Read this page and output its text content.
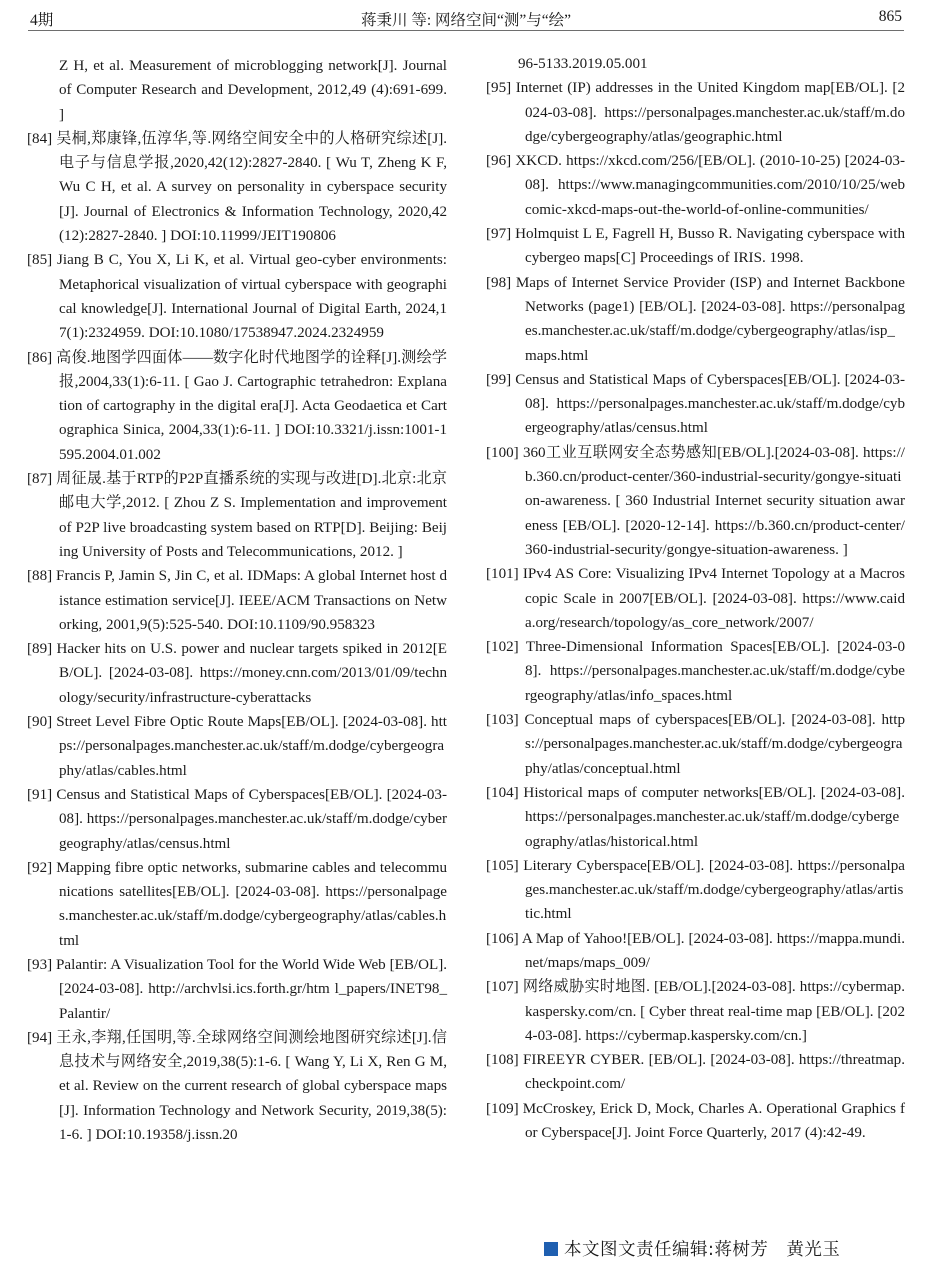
4期	蒋秉川 等: 网络空间“测”与“绘”	865

Z H, et al. Measurement of microblogging network[J]. Journal of Computer Research and Development, 2012,49 (4):691-699. ]

[84] 吴桐,郑康锋,伍淳华,等.网络空间安全中的人格研究综述[J].电子与信息学报,2020,42(12):2827-2840. [ Wu T, Zheng K F, Wu C H, et al. A survey on personality in cyberspace security[J]. Journal of Electronics & Information Technology, 2020,42(12):2827-2840. ] DOI:10.11999/JEIT190806

[85] Jiang B C, You X, Li K, et al. Virtual geo-cyber environments: Metaphorical visualization of virtual cyberspace with geographical knowledge[J]. International Journal of Digital Earth, 2024,17(1):2324959. DOI:10.1080/17538947.2024.2324959

[86] 高俊.地图学四面体——数字化时代地图学的诠释[J].测绘学报,2004,33(1):6-11. [ Gao J. Cartographic tetrahedron: Explanation of cartography in the digital era[J]. Acta Geodaetica et Cartographica Sinica, 2004,33(1):6-11. ] DOI:10.3321/j.issn:1001-1595.2004.01.002

[87] 周征晟.基于RTP的P2P直播系统的实现与改进[D].北京:北京邮电大学,2012. [ Zhou Z S. Implementation and improvement of P2P live broadcasting system based on RTP[D]. Beijing: Beijing University of Posts and Telecommunications, 2012. ]

[88] Francis P, Jamin S, Jin C, et al. IDMaps: A global Internet host distance estimation service[J]. IEEE/ACM Transactions on Networking, 2001,9(5):525-540. DOI:10.1109/90.958323

[89] Hacker hits on U.S. power and nuclear targets spiked in 2012[EB/OL]. [2024-03-08]. https://money.cnn.com/2013/01/09/technology/security/infrastructure-cyberattacks

[90] Street Level Fibre Optic Route Maps[EB/OL]. [2024-03-08]. https://personalpages.manchester.ac.uk/staff/m.dodge/cybergeography/atlas/cables.html

[91] Census and Statistical Maps of Cyberspaces[EB/OL]. [2024-03-08]. https://personalpages.manchester.ac.uk/staff/m.dodge/cybergeography/atlas/census.html

[92] Mapping fibre optic networks, submarine cables and telecommunications satellites[EB/OL]. [2024-03-08]. https://personalpages.manchester.ac.uk/staff/m.dodge/cybergeography/atlas/cables.html

[93] Palantir: A Visualization Tool for the World Wide Web [EB/OL]. [2024-03-08]. http://archvlsi.ics.forth.gr/htm l_papers/INET98_Palantir/

[94] 王永,李翔,任国明,等.全球网络空间测绘地图研究综述[J].信息技术与网络安全,2019,38(5):1-6. [ Wang Y, Li X, Ren G M, et al. Review on the current research of global cyberspace maps[J]. Information Technology and Network Security, 2019,38(5):1-6. ] DOI:10.19358/j.issn.20

96-5133.2019.05.001

[95] Internet (IP) addresses in the United Kingdom map[EB/OL]. [2024-03-08]. https://personalpages.manchester.ac.uk/staff/m.dodge/cybergeography/atlas/geographic.html

[96] XKCD. https://xkcd.com/256/[EB/OL]. (2010-10-25) [2024-03-08]. https://www.managingcommunities.com/2010/10/25/webcomic-xkcd-maps-out-the-world-of-online-communities/

[97] Holmquist L E, Fagrell H, Busso R. Navigating cyberspace with cybergeo maps[C] Proceedings of IRIS. 1998.

[98] Maps of Internet Service Provider (ISP) and Internet Backbone Networks (page1) [EB/OL]. [2024-03-08]. https://personalpages.manchester.ac.uk/staff/m.dodge/cybergeography/atlas/isp_maps.html

[99] Census and Statistical Maps of Cyberspaces[EB/OL]. [2024-03-08]. https://personalpages.manchester.ac.uk/staff/m.dodge/cybergeography/atlas/census.html

[100] 360工业互联网安全态势感知[EB/OL].[2024-03-08]. https://b.360.cn/product-center/360-industrial-security/gongye-situation-awareness. [ 360 Industrial Internet security situation awareness [EB/OL]. [2020-12-14]. https://b.360.cn/product-center/360-industrial-security/gongye-situation-awareness. ]

[101] IPv4 AS Core: Visualizing IPv4 Internet Topology at a Macroscopic Scale in 2007[EB/OL]. [2024-03-08]. https://www.caida.org/research/topology/as_core_network/2007/

[102] Three-Dimensional Information Spaces[EB/OL]. [2024-03-08]. https://personalpages.manchester.ac.uk/staff/m.dodge/cybergeography/atlas/info_spaces.html

[103] Conceptual maps of cyberspaces[EB/OL]. [2024-03-08]. https://personalpages.manchester.ac.uk/staff/m.dodge/cybergeography/atlas/conceptual.html

[104] Historical maps of computer networks[EB/OL]. [2024-03-08]. https://personalpages.manchester.ac.uk/staff/m.dodge/cybergeography/atlas/historical.html

[105] Literary Cyberspace[EB/OL]. [2024-03-08]. https://personalpages.manchester.ac.uk/staff/m.dodge/cybergeography/atlas/artistic.html

[106] A Map of Yahoo![EB/OL]. [2024-03-08]. https://mappa.mundi.net/maps/maps_009/

[107] 网络威胁实时地图. [EB/OL].[2024-03-08]. https://cybermap.kaspersky.com/cn. [ Cyber threat real-time map [EB/OL]. [2024-03-08]. https://cybermap.kaspersky.com/cn.]

[108] FIREEYR CYBER. [EB/OL]. [2024-03-08]. https://threatmap.checkpoint.com/

[109] McCroskey, Erick D, Mock, Charles A. Operational Graphics for Cyberspace[J]. Joint Force Quarterly, 2017 (4):42-49.

本文图文责任编辑:蒋树芳　黄光玉
